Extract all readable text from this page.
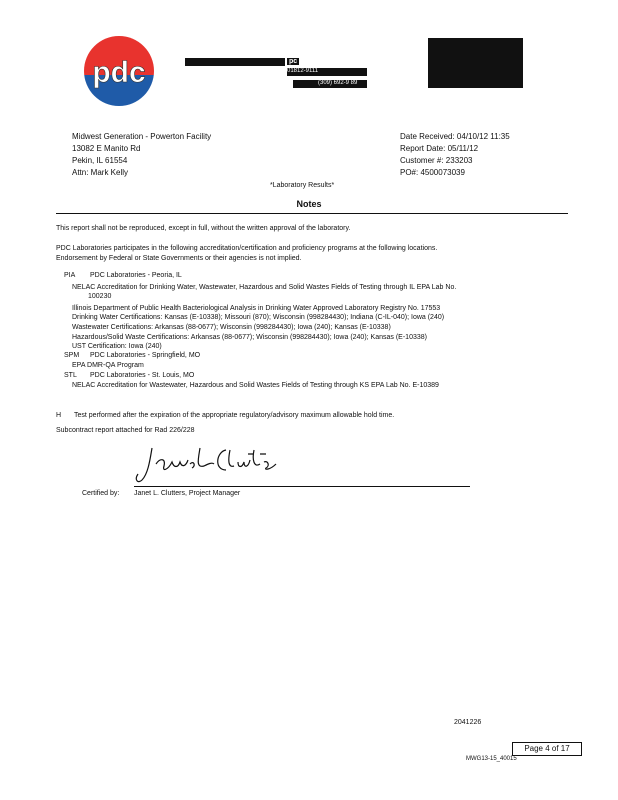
pdc	pc
01812-9111
(309) 692-9 89
Midwest Generation - Powerton Facility
13082 E Manito Rd
Pekin, IL 61554
Attn: Mark Kelly
Date Received: 04/10/12 11:35
Report Date: 05/11/12
Customer #: 233203
PO#: 4500073039
*Laboratory Results*
Notes
This report shall not be reproduced, except in full, without the written approval of the laboratory.
PDC Laboratories participates in the following accreditation/certification and proficiency programs at the following locations.
Endorsement by Federal or State Governments or their agencies is not implied.
PIA PDC Laboratories - Peoria, IL
NELAC Accreditation for Drinking Water, Wastewater, Hazardous and Solid Wastes Fields of Testing through IL EPA Lab No.
100230
Illinois Department of Public Health Bacteriological Analysis in Drinking Water Approved Laboratory Registry No. 17553
Drinking Water Certifications: Kansas (E-10338); Missouri (870); Wisconsin (998284430); Indiana (C-IL-040); Iowa (240)
Wastewater Certifications: Arkansas (88-0677); Wisconsin (998284430); Iowa (240); Kansas (E-10338)
Hazardous/Solid Waste Certifications: Arkansas (88-0677); Wisconsin (998284430); Iowa (240); Kansas (E-10338)
UST Certification: Iowa (240)
SPM PDC Laboratories - Springfield, MO
EPA DMR-QA Program
STL PDC Laboratories - St. Louis, MO
NELAC Accreditation for Wastewater, Hazardous and Solid Wastes Fields of Testing through KS EPA Lab No. E-10389
H Test performed after the expiration of the appropriate regulatory/advisory maximum allowable hold time.
Subcontract report attached for Rad 226/228
Certified by: Janet L. Clutters, Project Manager
2041226
Page 4 of 17
MWG13-15_40015
